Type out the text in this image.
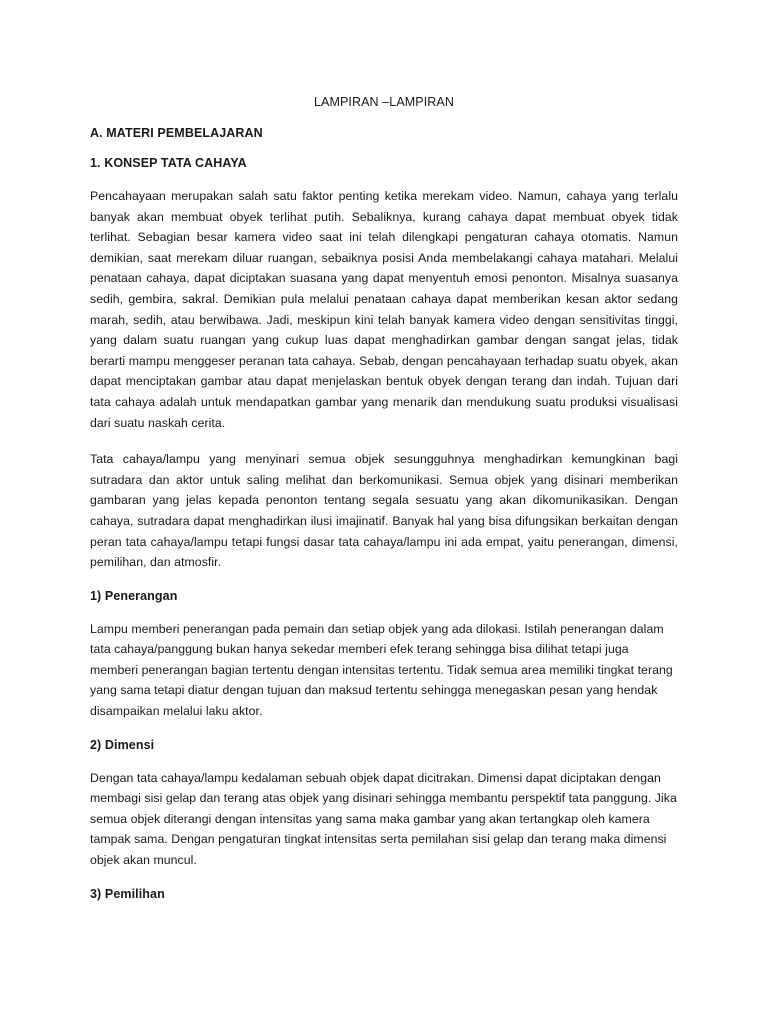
LAMPIRAN –LAMPIRAN
A. MATERI PEMBELAJARAN
1. KONSEP TATA CAHAYA

Pencahayaan merupakan salah satu faktor penting ketika merekam video. Namun, cahaya yang terlalu banyak akan membuat obyek terlihat putih. Sebaliknya, kurang cahaya dapat membuat obyek tidak terlihat. Sebagian besar kamera video saat ini telah dilengkapi pengaturan cahaya otomatis. Namun demikian, saat merekam diluar ruangan, sebaiknya posisi Anda membelakangi cahaya matahari. Melalui penataan cahaya, dapat diciptakan suasana yang dapat menyentuh emosi penonton. Misalnya suasanya sedih, gembira, sakral. Demikian pula melalui penataan cahaya dapat memberikan kesan aktor sedang marah, sedih, atau berwibawa. Jadi, meskipun kini telah banyak kamera video dengan sensitivitas tinggi, yang dalam suatu ruangan yang cukup luas dapat menghadirkan gambar dengan sangat jelas, tidak berarti mampu menggeser peranan tata cahaya. Sebab, dengan pencahayaan terhadap suatu obyek, akan dapat menciptakan gambar atau dapat menjelaskan bentuk obyek dengan terang dan indah. Tujuan dari tata cahaya adalah untuk mendapatkan gambar yang menarik dan mendukung suatu produksi visualisasi dari suatu naskah cerita.

Tata cahaya/lampu yang menyinari semua objek sesungguhnya menghadirkan kemungkinan bagi sutradara dan aktor untuk saling melihat dan berkomunikasi. Semua objek yang disinari memberikan gambaran yang jelas kepada penonton tentang segala sesuatu yang akan dikomunikasikan. Dengan cahaya, sutradara dapat menghadirkan ilusi imajinatif. Banyak hal yang bisa difungsikan berkaitan dengan peran tata cahaya/lampu tetapi fungsi dasar tata cahaya/lampu ini ada empat, yaitu penerangan, dimensi, pemilihan, dan atmosfir.

1) Penerangan

Lampu memberi penerangan pada pemain dan setiap objek yang ada dilokasi. Istilah penerangan dalam tata cahaya/panggung bukan hanya sekedar memberi efek terang sehingga bisa dilihat tetapi juga memberi penerangan bagian tertentu dengan intensitas tertentu. Tidak semua area memiliki tingkat terang yang sama tetapi diatur dengan tujuan dan maksud tertentu sehingga menegaskan pesan yang hendak disampaikan melalui laku aktor.

2) Dimensi

Dengan tata cahaya/lampu kedalaman sebuah objek dapat dicitrakan. Dimensi dapat diciptakan dengan membagi sisi gelap dan terang atas objek yang disinari sehingga membantu perspektif tata panggung. Jika semua objek diterangi dengan intensitas yang sama maka gambar yang akan tertangkap oleh kamera tampak sama. Dengan pengaturan tingkat intensitas serta pemilahan sisi gelap dan terang maka dimensi objek akan muncul.

3) Pemilihan
